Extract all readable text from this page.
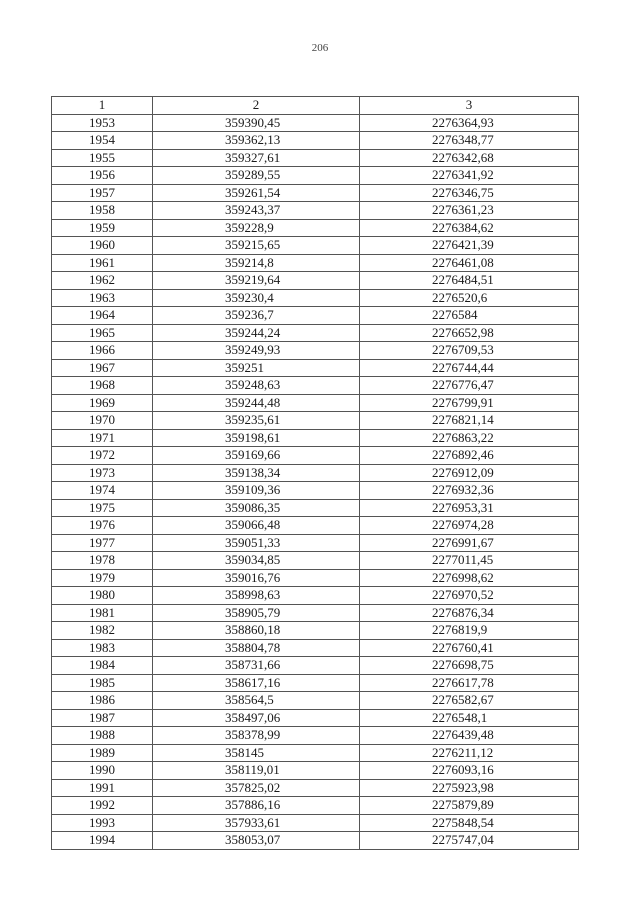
206
1	2	3
1953	359390,45	2276364,93
1954	359362,13	2276348,77
1955	359327,61	2276342,68
1956	359289,55	2276341,92
1957	359261,54	2276346,75
1958	359243,37	2276361,23
1959	359228,9	2276384,62
1960	359215,65	2276421,39
1961	359214,8	2276461,08
1962	359219,64	2276484,51
1963	359230,4	2276520,6
1964	359236,7	2276584
1965	359244,24	2276652,98
1966	359249,93	2276709,53
1967	359251	2276744,44
1968	359248,63	2276776,47
1969	359244,48	2276799,91
1970	359235,61	2276821,14
1971	359198,61	2276863,22
1972	359169,66	2276892,46
1973	359138,34	2276912,09
1974	359109,36	2276932,36
1975	359086,35	2276953,31
1976	359066,48	2276974,28
1977	359051,33	2276991,67
1978	359034,85	2277011,45
1979	359016,76	2276998,62
1980	358998,63	2276970,52
1981	358905,79	2276876,34
1982	358860,18	2276819,9
1983	358804,78	2276760,41
1984	358731,66	2276698,75
1985	358617,16	2276617,78
1986	358564,5	2276582,67
1987	358497,06	2276548,1
1988	358378,99	2276439,48
1989	358145	2276211,12
1990	358119,01	2276093,16
1991	357825,02	2275923,98
1992	357886,16	2275879,89
1993	357933,61	2275848,54
1994	358053,07	2275747,04
